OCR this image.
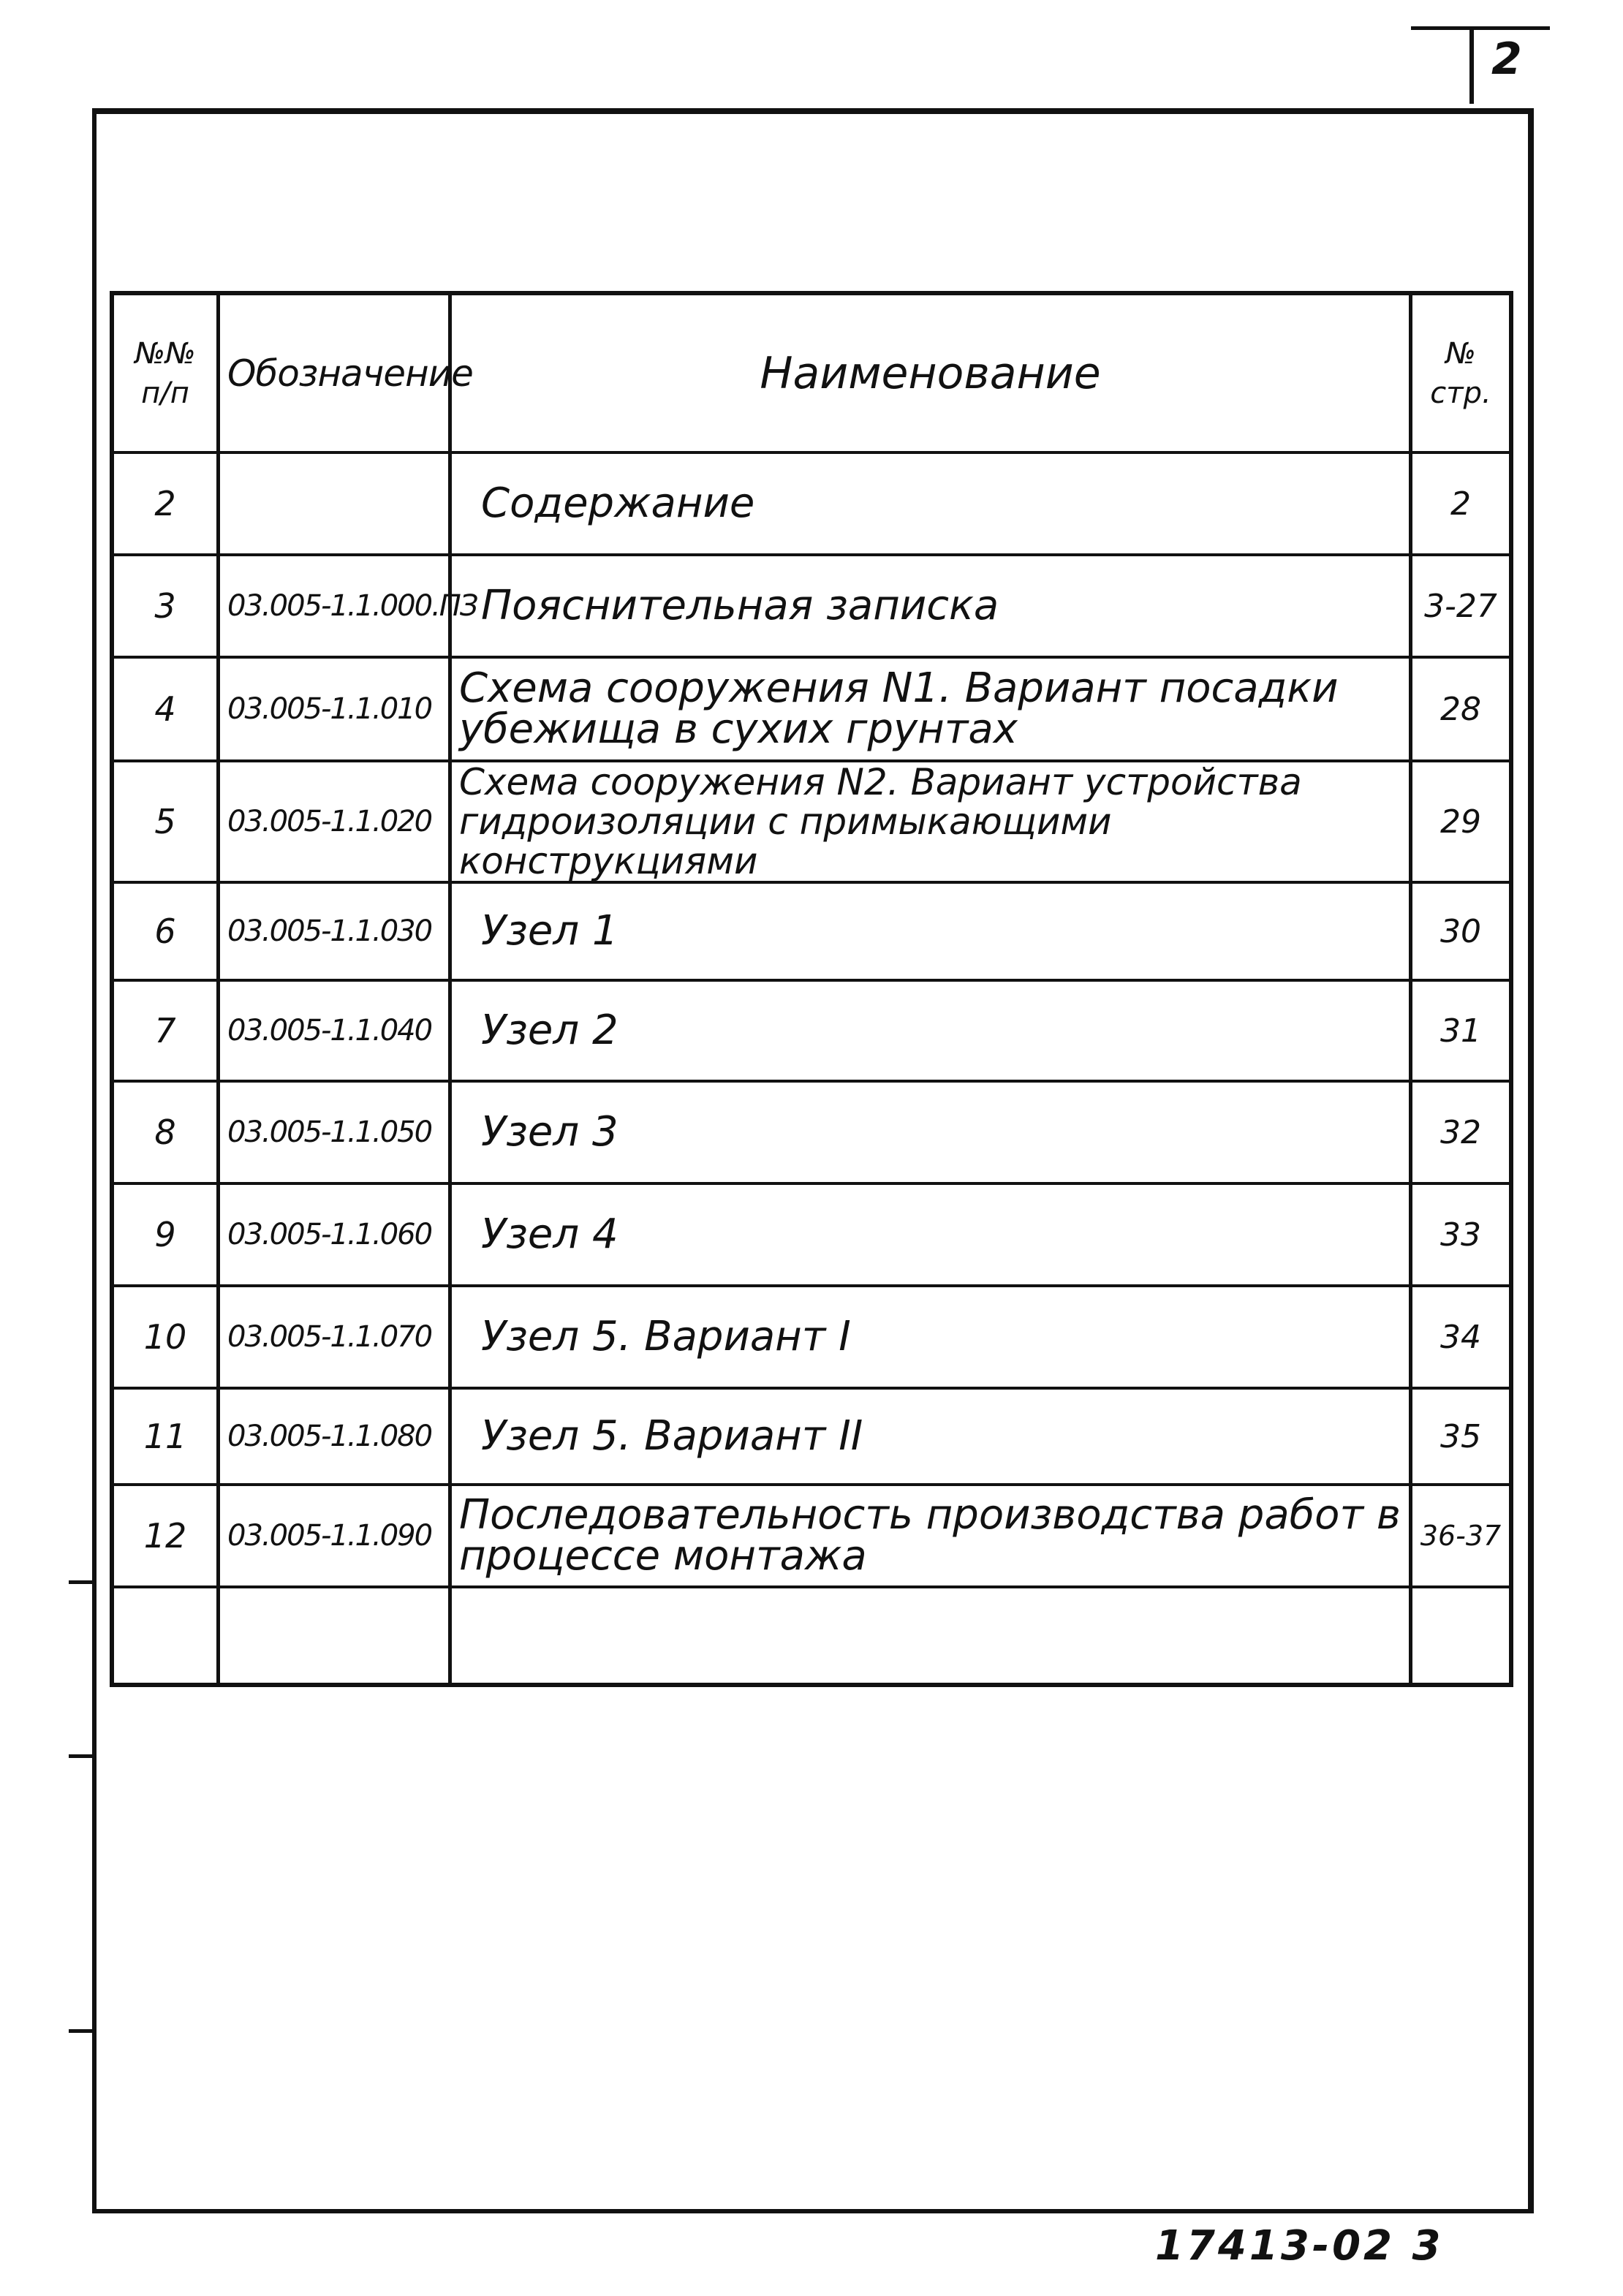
2
№№ п/п	Обозначение	Наименование	№ стр.
2		Содержание	2
3	03.005-1.1.000.ПЗ	Пояснительная записка	3-27
4	03.005-1.1.010	Схема сооружения N1. Вариант посадки убежища в сухих грунтах	28
5	03.005-1.1.020	Схема сооружения N2. Вариант устройства гидроизоляции с примыкающими конструкциями	29
6	03.005-1.1.030	Узел 1	30
7	03.005-1.1.040	Узел 2	31
8	03.005-1.1.050	Узел 3	32
9	03.005-1.1.060	Узел 4	33
10	03.005-1.1.070	Узел 5. Вариант I	34
11	03.005-1.1.080	Узел 5. Вариант II	35
12	03.005-1.1.090	Последовательность производства работ в процессе монтажа	36-37

17413-02 3
